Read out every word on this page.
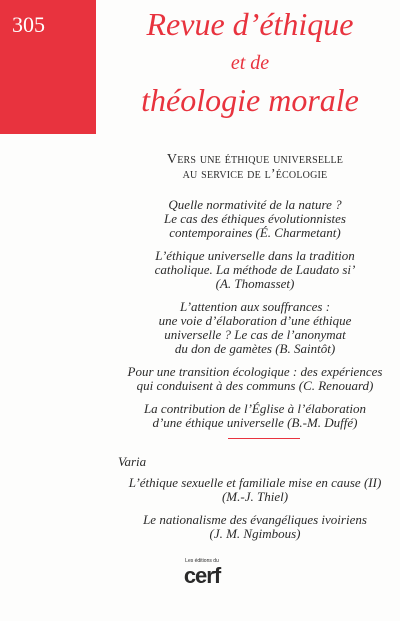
305	Revue d’éthique
et de
théologie morale
Vers une éthique universelle
au service de l’écologie
Quelle normativité de la nature ?
Le cas des éthiques évolutionnistes
contemporaines (É. Charmetant)
L’éthique universelle dans la tradition
catholique. La méthode de Laudato si’
(A. Thomasset)
L’attention aux souffrances :
une voie d’élaboration d’une éthique
universelle ? Le cas de l’anonymat
du don de gamètes (B. Saintôt)
Pour une transition écologique : des expériences
qui conduisent à des communs (C. Renouard)
La contribution de l’Église à l’élaboration
d’une éthique universelle (B.-M. Duffé)
Varia
L’éthique sexuelle et familiale mise en cause (II)
(M.-J. Thiel)
Le nationalisme des évangéliques ivoiriens
(J. M. Ngimbous)
Les éditions du
cerf
